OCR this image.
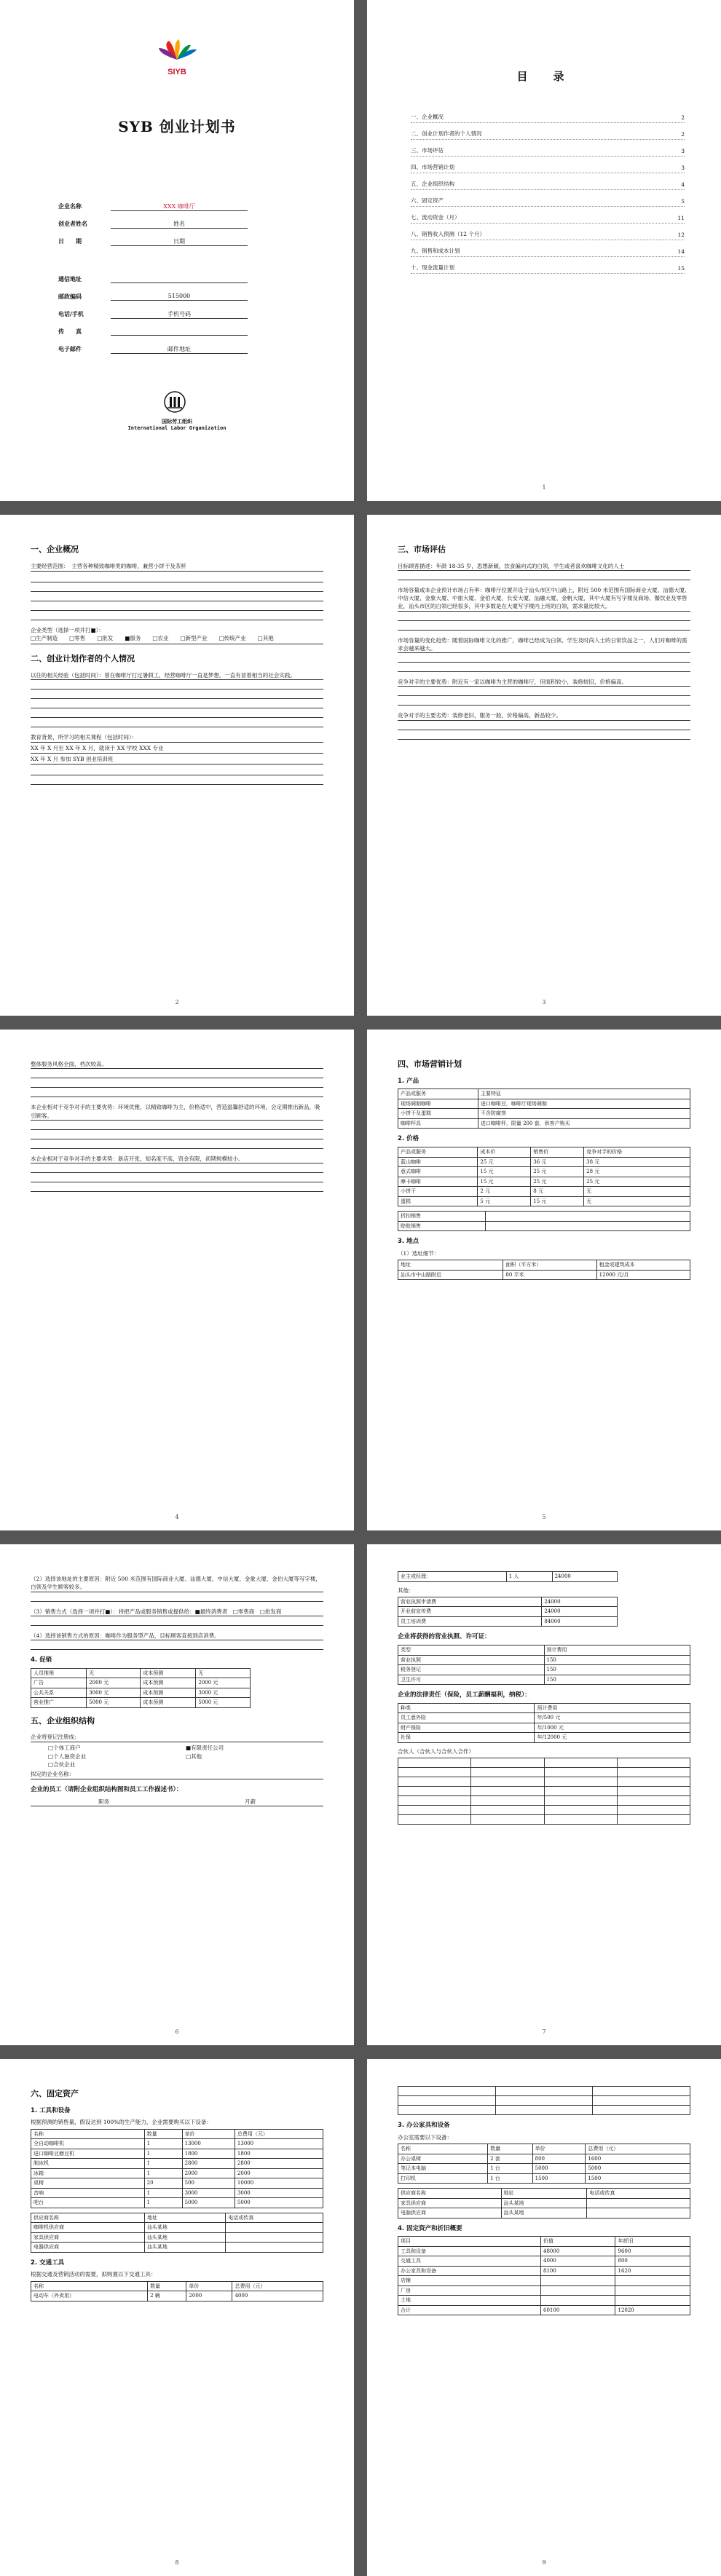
SIYB
SYB 创业计划书
企业名称	XXX 咖啡厅
创业者姓名	姓名
日　　期	日期
通信地址
邮政编码	515000
电话/手机	手机号码
传　　真
电子邮件	邮件地址
国际劳工组织
International Labor Organization
目　录
一、企业概况	2
二、创业计划作者的个人情况	2
三、市场评估	3
四、市场营销计划	3
五、企业组织结构	4
六、固定资产	5
七、流动资金（月）	11
八、销售收入预测（12 个月）	12
九、销售和成本计划	14
十、现金流量计划	15
1
一、企业概况
主要经营范围：　主营各种精致咖啡类的咖啡，兼营小饼干及茶杯
企业类型（选择一项并打■）：
□生产制造 □零售 □批发 ■服务 □农业 □新型产业 □传统产业 □其他
二、创业计划作者的个人情况
以往的相关经验（包括时间）：曾在咖啡厅打过暑假工，经营咖啡厅一直是梦想，一直有冒着相当的社会实践。
教育背景，所学习的相关课程（包括时间）：
XX 年 X 月至 XX 年 X 月，就读于 XX 学校 XXX 专业
XX 年 X 月 参加 SYB 创业培训班
2
三、市场评估
目标顾客描述：年龄 18-35 岁，思想新颖，饮食偏向式的白领，学生或者喜欢咖啡文化的人士
市场容量或本企业预计市场占有率：咖啡厅位置开设于汕头市区中山路上，附近 500 米范围有国际商业大厦、汕德大厦、中信大厦、金象大厦、中旅大厦、金伯大厦、长安大厦、汕融大厦、金帆大厦，其中大厦有写字楼及商场、餐饮业及零售业，汕头市区的白领已经很多，其中多数是在大厦写字楼内上班的白领，需求量比较大。
市场容量的变化趋势：随着国际咖啡文化的推广，咖啡已经成为白领、学生及时尚人士的日常饮品之一，人们对咖啡的需求会越来越大。
竞争对手的主要优势：附近有一家以咖啡为主营的咖啡厅，但面积较小，装修较旧，价格偏高。
竞争对手的主要劣势：装修老旧，服务一般，价格偏高，新品较少。
3
整体服务风格全面，档次较高。
本企业相对于竞争对手的主要优势：环境优雅，以精致咖啡为主，价格适中，营造温馨舒适的环境，会定期推出新品，吸引顾客。
本企业相对于竞争对手的主要劣势：新店开张，知名度不高，资金有限，初期规模较小。
4
四、市场营销计划
1. 产品
产品或服务	主要特征
现场调制咖啡	进口咖啡豆，咖啡厅现场调制
小饼干及蛋糕	不含防腐剂
咖啡杯具	进口咖啡杯，限量 200 套，供客户购买
2. 价格
产品或服务	成本价	销售价	竞争对手的价格
蓝山咖啡	25 元	36 元	38 元
意式咖啡	15 元	25 元	28 元
摩卡咖啡	15 元	25 元	25 元
小饼干	2 元	8 元	无
蛋糕	5 元	15 元	无
折扣销售	
赊账销售	
3. 地点
（1）选址细节：
地址	面积（平方米）	租金或建筑成本
汕头市中山路附近	80 平米	12000 元/月
5
（2）选择该地址的主要原因：附近 500 米范围有国际商业大厦、汕德大厦、中信大厦、金象大厦、金伯大厦等写字楼，白领及学生顾客较多。
（3）销售方式（选择一项并打■）：将把产品或服务销售或提供给：■最终消费者　□零售商　□批发商
（4）选择该销售方式的原因：咖啡作为服务型产品，目标顾客直接到店消费。
4. 促销
人员推销	无	成本预测	无
广告	2000 元	成本预测	2000 元
公共关系	3000 元	成本预测	3000 元
营业推广	5000 元	成本预测	5000 元
五、企业组织结构
企业将登记注册成：
□个体工商户	■有限责任公司
□个人独资企业	□其他
□合伙企业
拟定的企业名称：
企业的员工（请附企业组织结构图和员工工作描述书）：
职务	月薪
6
业主或经理：	1 人	24000
其他：
营业执照申请费	24000
开业前宣传费	24000
员工培训费	84000
企业将获得的营业执照、许可证：
类型	预计费用
营业执照	150
税务登记	150
卫生许可	150
企业的法律责任（保险，员工薪酬福利，纳税）：
种类	预计费用
员工意外险	年/500 元
财产保险	年/1000 元
社保	年/12000 元
合伙人（合伙人与合伙人合作）

7
六、固定资产
1. 工具和设备
根据预测的销售量，假设达到 100%的生产能力，企业需要购买以下设备：
名称	数量	单价	总费用（元）
全自动咖啡机	1	13000	13000
进口咖啡豆磨豆机	1	1800	1800
制冰机	1	2800	2800
冰箱	1	2000	2000
桌椅	20	500	10000
音响	1	3000	3000
吧台	1	5000	5000
供应商名称	地址	电话或传真
咖啡机供应商	汕头某地	
家具供应商	汕头某地	
电器供应商	汕头某地	
2. 交通工具
根据交通及营销活动的需要，拟购置以下交通工具：
名称	数量	单价	总费用（元）
电动车（外卖用）	2 辆	2000	4000
8

3. 办公家具和设备
办公室需要以下设备：
名称	数量	单价	总费用（元）
办公桌椅	2 套	800	1600
笔记本电脑	1 台	5000	5000
打印机	1 台	1500	1500
供应商名称	地址	电话或传真
家具供应商	汕头某地	
电脑供应商	汕头某地	
4. 固定资产和折旧概要
项目	价值	年折旧
工具和设备	48000	9600
交通工具	4000	800
办公家具和设备	8100	1620
店铺		
厂房		
土地		
合计	60100	12020
9
